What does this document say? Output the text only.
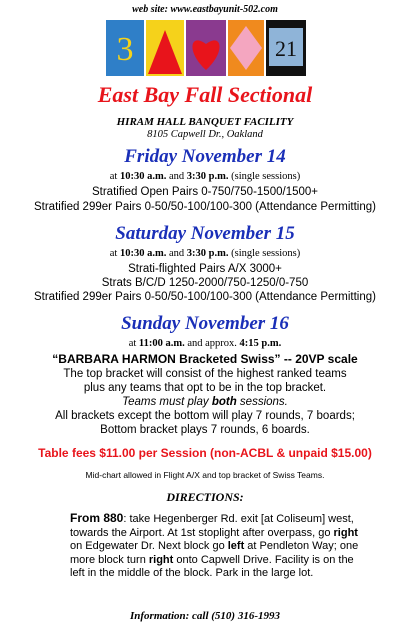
web site: www.eastbayunit-502.com
3	21
East Bay Fall Sectional
HIRAM HALL BANQUET FACILITY
8105 Capwell Dr., Oakland
Friday November 14
at 10:30 a.m. and 3:30 p.m. (single sessions)
Stratified Open Pairs 0-750/750-1500/1500+
Stratified 299er Pairs 0-50/50-100/100-300 (Attendance Permitting)
Saturday November 15
at 10:30 a.m. and 3:30 p.m. (single sessions)
Strati-flighted Pairs A/X 3000+
Strats B/C/D 1250-2000/750-1250/0-750
Stratified 299er Pairs 0-50/50-100/100-300 (Attendance Permitting)
Sunday November 16
at 11:00 a.m. and approx. 4:15 p.m.
“BARBARA HARMON Bracketed Swiss” -- 20VP scale
The top bracket will consist of the highest ranked teams
plus any teams that opt to be in the top bracket.
Teams must play both sessions.
All brackets except the bottom will play 7 rounds, 7 boards;
Bottom bracket plays 7 rounds, 6 boards.
Table fees $11.00 per Session (non-ACBL & unpaid $15.00)
Mid-chart allowed in Flight A/X and top bracket of Swiss Teams.
DIRECTIONS:
From 880: take Hegenberger Rd. exit [at Coliseum] west, towards the Airport. At 1st stoplight after overpass, go right on Edgewater Dr. Next block go left at Pendleton Way; one more block turn right onto Capwell Drive. Facility is on the left in the middle of the block. Park in the large lot.
Information: call (510) 316-1993
